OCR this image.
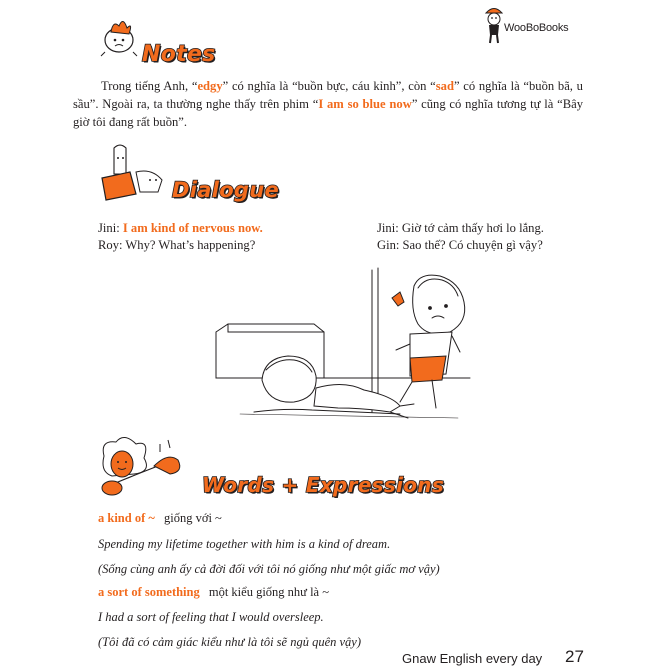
WooBoBooks
Notes

Trong tiếng Anh, “edgy” có nghĩa là “buồn bực, cáu kỉnh”, còn “sad” có nghĩa là “buồn bã, u sầu”. Ngoài ra, ta thường nghe thấy trên phim “I am so blue now” cũng có nghĩa tương tự là “Bây giờ tôi đang rất buồn”.

Dialogue
Jini: I am kind of nervous now.
Roy: Why? What’s happening?
Jini: Giờ tớ cảm thấy hơi lo lắng.
Gin: Sao thế? Có chuyện gì vậy?
Words + Expressions
a kind of ~ giống với ~
Spending my lifetime together with him is a kind of dream.
(Sống cùng anh ấy cả đời đối với tôi nó giống như một giấc mơ vậy)
a sort of something một kiểu giống như là ~
I had a sort of feeling that I would oversleep.
(Tôi đã có cảm giác kiểu như là tôi sẽ ngủ quên vậy)
Gnaw English every day 27
